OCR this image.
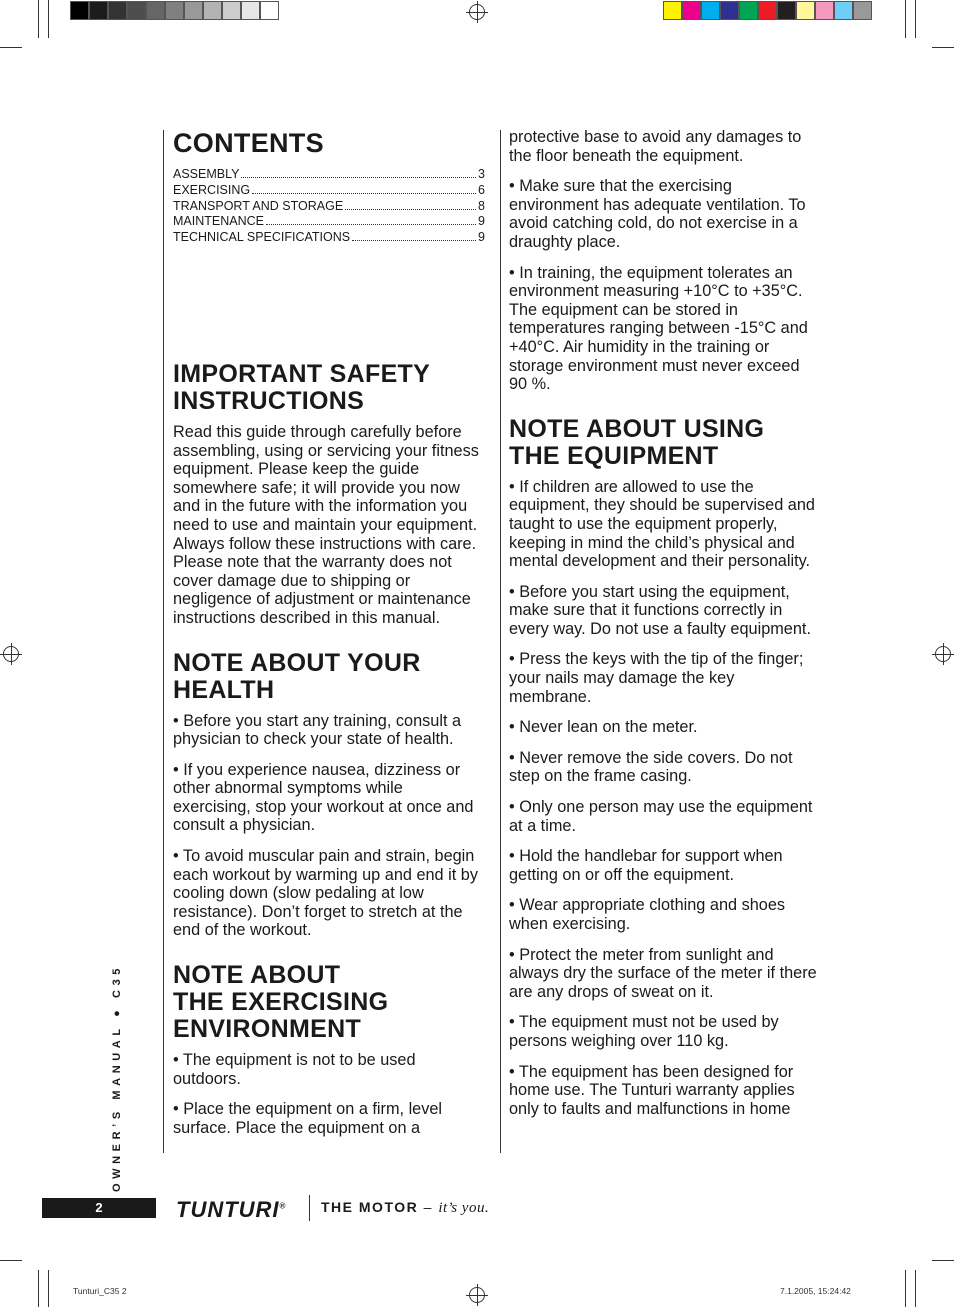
CONTENTS
ASSEMBLY	3
EXERCISING	6
TRANSPORT AND STORAGE	8
MAINTENANCE	9
TECHNICAL SPECIFICATIONS	9
IMPORTANT SAFETY
INSTRUCTIONS

Read this guide through carefully before assembling, using or servicing your fitness equipment. Please keep the guide somewhere safe; it will provide you now and in the future with the information you need to use and maintain your equipment. Always follow these instructions with care. Please note that the warranty does not cover damage due to shipping or negligence of adjustment or maintenance instructions described in this manual.

NOTE ABOUT YOUR
HEALTH

• Before you start any training, consult a physician to check your state of health.

• If you experience nausea, dizziness or other abnormal symptoms while exercising, stop your workout at once and consult a physician.

• To avoid muscular pain and strain, begin each workout by warming up and end it by cooling down (slow pedaling at low resistance). Don’t forget to stretch at the end of the workout.

NOTE ABOUT
THE EXERCISING
ENVIRONMENT

• The equipment is not to be used outdoors.

• Place the equipment on a firm, level surface. Place the equipment on a

protective base to avoid any damages to the floor beneath the equipment.

• Make sure that the exercising environment has adequate ventilation. To avoid catching cold, do not exercise in a draughty place.

• In training, the equipment tolerates an environment measuring +10°C to +35°C. The equipment can be stored in temperatures ranging between -15°C and +40°C. Air humidity in the training or storage environment must never exceed 90 %.

NOTE ABOUT USING
THE EQUIPMENT

• If children are allowed to use the equipment, they should be supervised and taught to use the equipment properly, keeping in mind the child’s physical and mental development and their personality.

• Before you start using the equipment, make sure that it functions correctly in every way. Do not use a faulty equipment.

• Press the keys with the tip of the finger; your nails may damage the key membrane.

• Never lean on the meter.

• Never remove the side covers. Do not step on the frame casing.

• Only one person may use the equipment at a time.

• Hold the handlebar for support when getting on or off the equipment.

• Wear appropriate clothing and shoes when exercising.

• Protect the meter from sunlight and always dry the surface of the meter if there are any drops of sweat on it.

• The equipment must not be used by persons weighing over 110 kg.

• The equipment has been designed for home use. The Tunturi warranty applies only to faults and malfunctions in home

OWNER’S MANUAL ● C35
2	TUNTURI® THE MOTOR – it’s you.
Tunturi_C35 2	7.1.2005, 15:24:42
